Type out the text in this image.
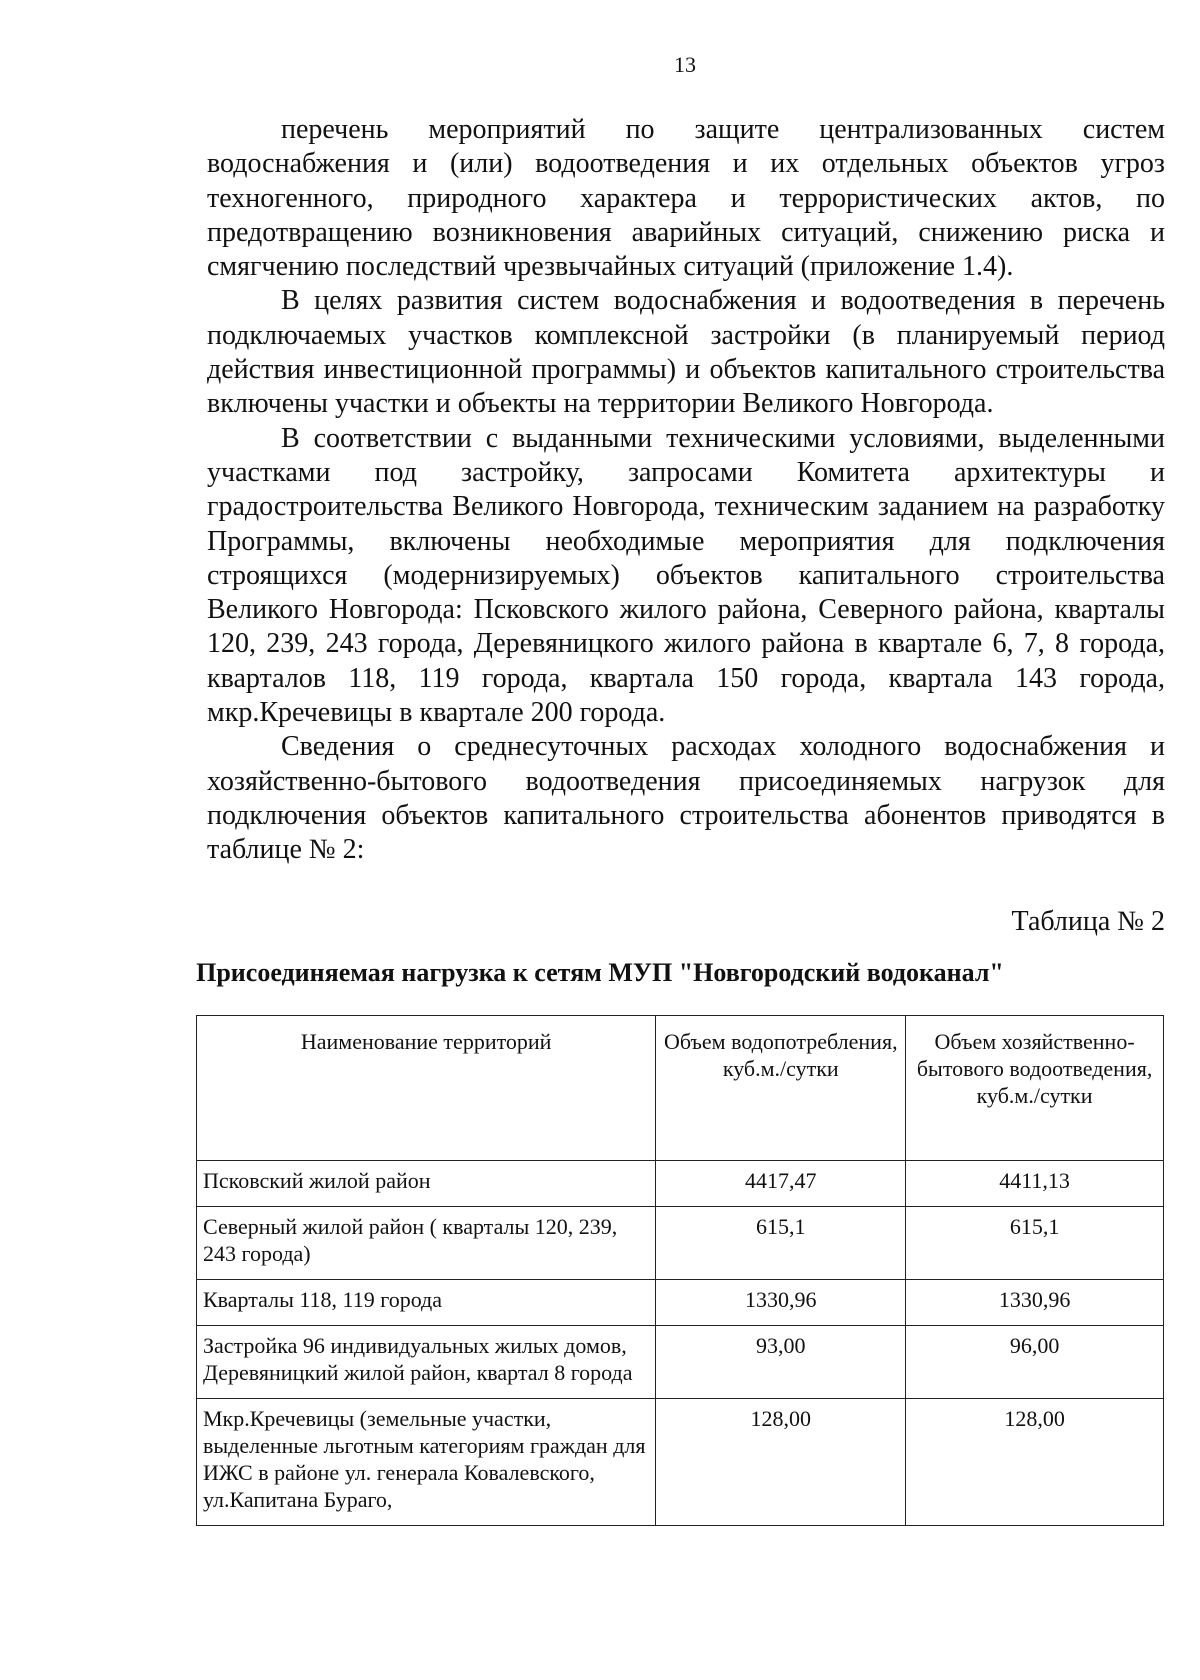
13

перечень мероприятий по защите централизованных систем водоснабжения и (или) водоотведения и их отдельных объектов угроз техногенного, природного характера и террористических актов, по предотвращению возникновения аварийных ситуаций, снижению риска и смягчению последствий чрезвычайных ситуаций (приложение 1.4).

В целях развития систем водоснабжения и водоотведения в перечень подключаемых участков комплексной застройки (в планируемый период действия инвестиционной программы) и объектов капитального строительства включены участки и объекты на территории Великого Новгорода.

В соответствии с выданными техническими условиями, выделенными участками под застройку, запросами Комитета архитектуры и градостроительства Великого Новгорода, техническим заданием на разработку Программы, включены необходимые мероприятия для подключения строящихся (модернизируемых) объектов капитального строительства Великого Новгорода: Псковского жилого района, Северного района, кварталы 120, 239, 243 города, Деревяницкого жилого района в квартале 6, 7, 8 города, кварталов 118, 119 города, квартала 150 города, квартала 143 города, мкр.Кречевицы в квартале 200 города.

Сведения о среднесуточных расходах холодного водоснабжения и хозяйственно-бытового водоотведения присоединяемых нагрузок для подключения объектов капитального строительства абонентов приводятся в таблице № 2:

Таблица № 2
Присоединяемая нагрузка к сетям МУП "Новгородский водоканал"
Наименование территорий	Объем водопотребления, куб.м./сутки	Объем хозяйственно-бытового водоотведения, куб.м./сутки
Псковский жилой район	4417,47	4411,13
Северный жилой район ( кварталы 120, 239, 243 города)	615,1	615,1
Кварталы 118, 119 города	1330,96	1330,96
Застройка 96 индивидуальных жилых домов, Деревяницкий жилой район, квартал 8 города	93,00	96,00
Мкр.Кречевицы (земельные участки, выделенные льготным категориям граждан для ИЖС в районе ул. генерала Ковалевского, ул.Капитана Бураго,	128,00	128,00
